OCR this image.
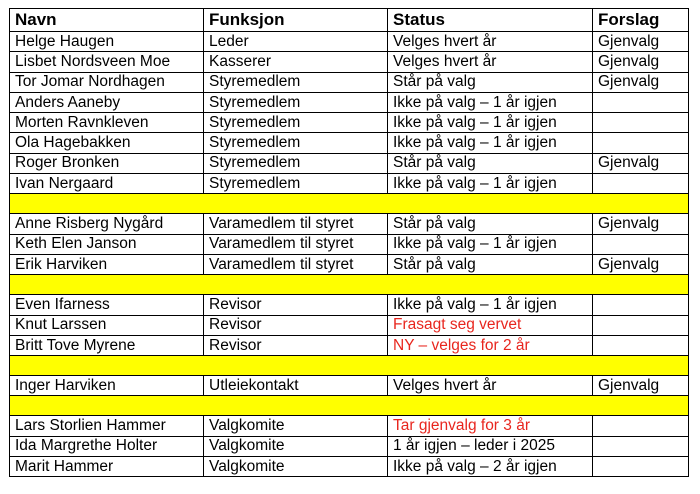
Navn	Funksjon	Status	Forslag
Helge Haugen	Leder	Velges hvert år	Gjenvalg
Lisbet Nordsveen Moe	Kasserer	Velges hvert år	Gjenvalg
Tor Jomar Nordhagen	Styremedlem	Står på valg	Gjenvalg
Anders Aaneby	Styremedlem	Ikke på valg – 1 år igjen	
Morten Ravnkleven	Styremedlem	Ikke på valg – 1 år igjen	
Ola Hagebakken	Styremedlem	Ikke på valg – 1 år igjen	
Roger Bronken	Styremedlem	Står på valg	Gjenvalg
Ivan Nergaard	Styremedlem	Ikke på valg – 1 år igjen	

Anne Risberg Nygård	Varamedlem til styret	Står på valg	Gjenvalg
Keth Elen Janson	Varamedlem til styret	Ikke på valg – 1 år igjen	
Erik Harviken	Varamedlem til styret	Står på valg	Gjenvalg

Even Ifarness	Revisor	Ikke på valg – 1 år igjen	
Knut Larssen	Revisor	Frasagt seg vervet	
Britt Tove Myrene	Revisor	NY – velges for 2 år	

Inger Harviken	Utleiekontakt	Velges hvert år	Gjenvalg

Lars Storlien Hammer	Valgkomite	Tar gjenvalg for 3 år	
Ida Margrethe Holter	Valgkomite	1 år igjen – leder i 2025	
Marit Hammer	Valgkomite	Ikke på valg – 2 år igjen	
